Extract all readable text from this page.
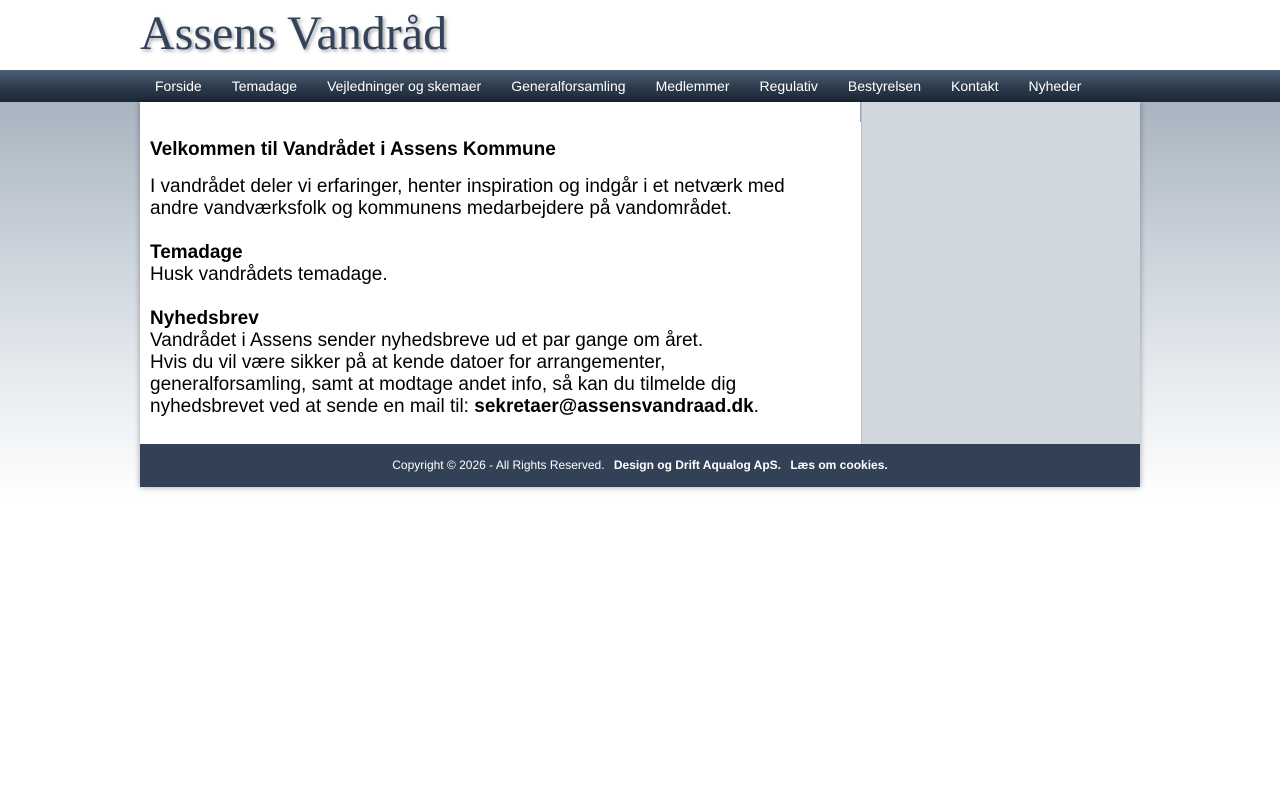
Assens Vandråd
Forside	Temadage	Vejledninger og skemaer	Generalforsamling	Medlemmer	Regulativ	Bestyrelsen	Kontakt	Nyheder
Velkommen til Vandrådet i Assens Kommune
I vandrådet deler vi erfaringer, henter inspiration og indgår i et netværk med
andre vandværksfolk og kommunens medarbejdere på vandområdet.
Temadage
Husk vandrådets temadage.
Nyhedsbrev
Vandrådet i Assens sender nyhedsbreve ud et par gange om året.
Hvis du vil være sikker på at kende datoer for arrangementer,
generalforsamling, samt at modtage andet info, så kan du tilmelde dig
nyhedsbrevet ved at sende en mail til: sekretaer@assensvandraad.dk.
Copyright © 2026 - All Rights Reserved. Design og Drift Aqualog ApS. Læs om cookies.
